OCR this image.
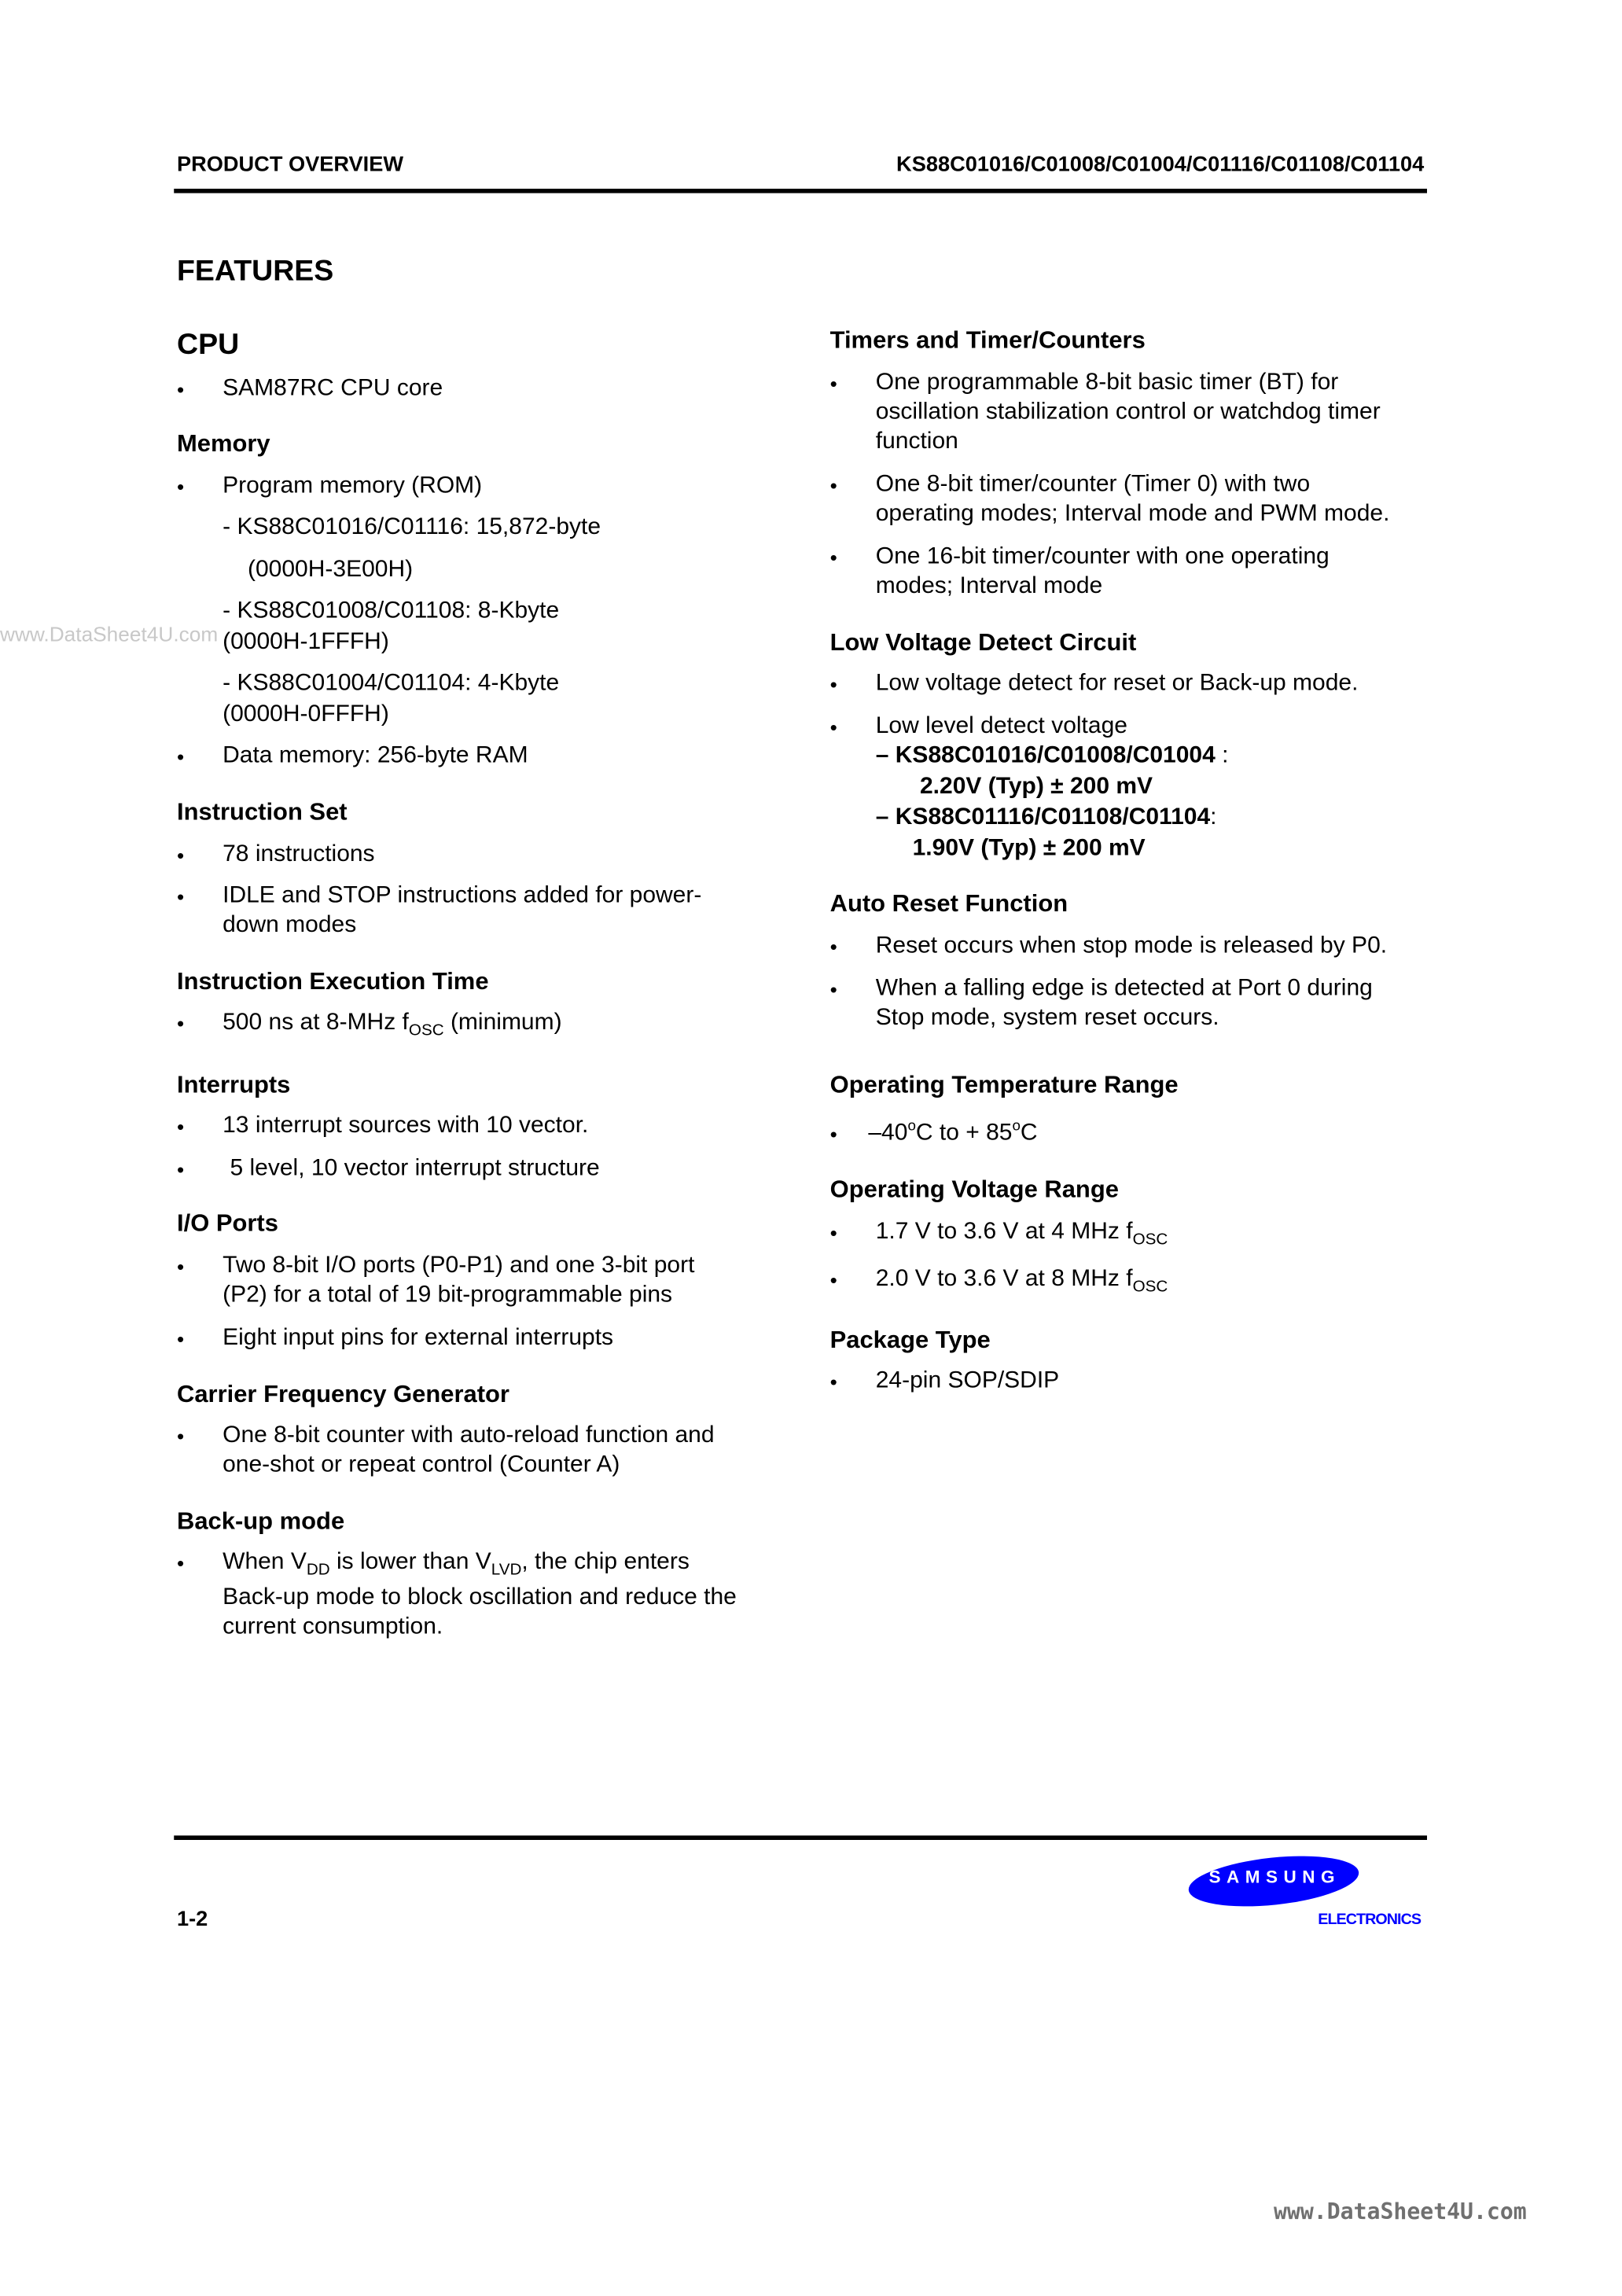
PRODUCT OVERVIEW	KS88C01016/C01008/C01004/C01116/C01108/C01104
FEATURES
CPU
•	SAM87RC CPU core
Memory
•	Program memory (ROM)
- KS88C01016/C01116: 15,872-byte
(0000H-3E00H)
- KS88C01008/C01108: 8-Kbyte
(0000H-1FFFH)
- KS88C01004/C01104: 4-Kbyte
(0000H-0FFFH)
•	Data memory: 256-byte RAM
Instruction Set
•	78 instructions
•	IDLE and STOP instructions added for power-
down modes
Instruction Execution Time
•	500 ns at 8-MHz $f_{OSC}$ (minimum)
Interrupts
•	13 interrupt sources with 10 vector.
•	5 level, 10 vector interrupt structure
I/O Ports
•	Two 8-bit I/O ports (P0-P1) and one 3-bit port
(P2) for a total of 19 bit-programmable pins
•	Eight input pins for external interrupts
Carrier Frequency Generator
•	One 8-bit counter with auto-reload function and
one-shot or repeat control (Counter A)
Back-up mode
•	When $V_{DD}$ is lower than $V_{LVD}$, the chip enters
Back-up mode to block oscillation and reduce the
current consumption.
Timers and Timer/Counters
•	One programmable 8-bit basic timer (BT) for
oscillation stabilization control or watchdog timer
function
•	One 8-bit timer/counter (Timer 0) with two
operating modes; Interval mode and PWM mode.
•	One 16-bit timer/counter with one operating
modes; Interval mode
Low Voltage Detect Circuit
•	Low voltage detect for reset or Back-up mode.
•	Low level detect voltage
– KS88C01016/C01008/C01004 :
2.20V (Typ) ± 200 mV
– KS88C01116/C01108/C01104:
1.90V (Typ) ± 200 mV
Auto Reset Function
•	Reset occurs when stop mode is released by P0.
•	When a falling edge is detected at Port 0 during
Stop mode, system reset occurs.
Operating Temperature Range
• –40$^o$C to + $85^oC$
Operating Voltage Range
•	1.7 V to 3.6 V at 4 MHz $f_{OSC}$
•	2.0 V to 3.6 V at 8 MHz $f_{OSC}$
Package Type
•	24-pin SOP/SDIP
1-2
SAMSUNG
ELECTRONICS
www.DataSheet4U.com
www.DataSheet4U.com
